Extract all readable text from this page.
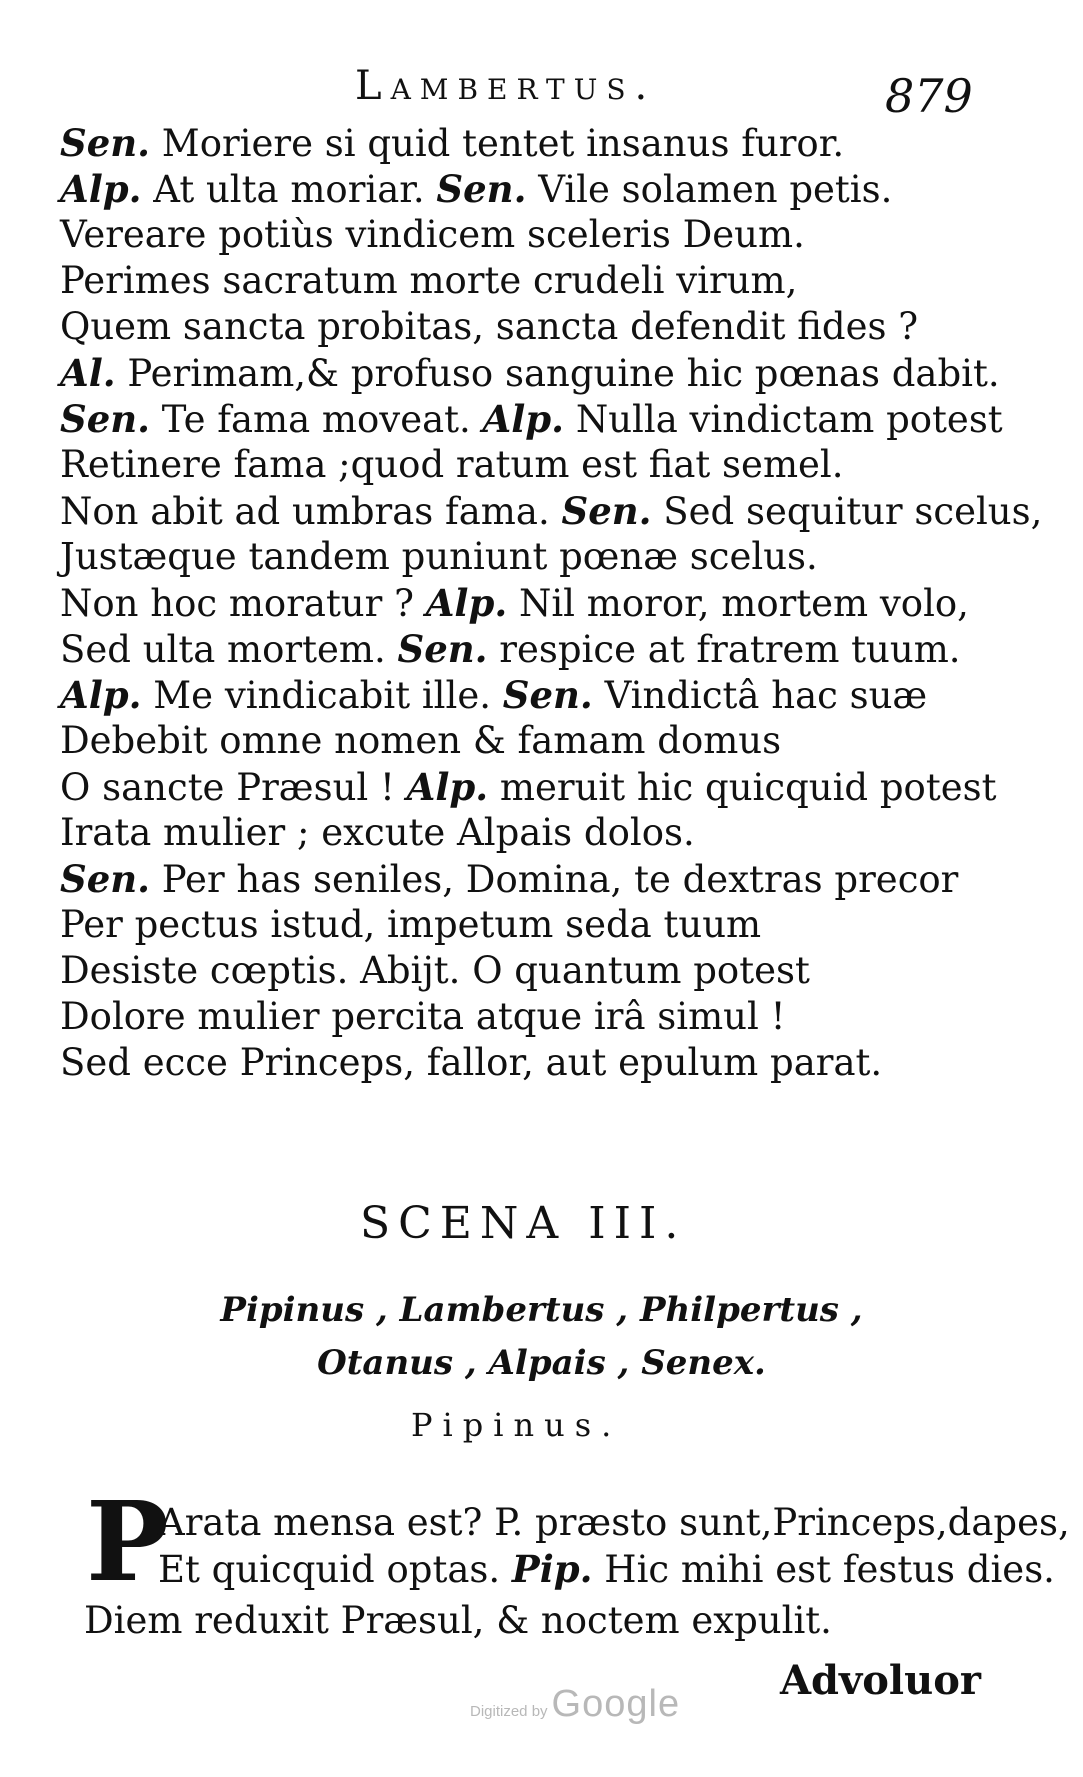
Lambertus.	879
Sen. Moriere si quid tentet insanus furor.
Alp. At ulta moriar. Sen. Vile solamen petis.
Vereare potiùs vindicem sceleris Deum.
Perimes sacratum morte crudeli virum,
Quem sancta probitas, sancta defendit fides ?
Al. Perimam,& profuso sanguine hic pœnas dabit.
Sen. Te fama moveat. Alp. Nulla vindictam potest
Retinere fama ;quod ratum est fiat semel.
Non abit ad umbras fama. Sen. Sed sequitur scelus,
Justæque tandem puniunt pœnæ scelus.
Non hoc moratur ? Alp. Nil moror, mortem volo,
Sed ulta mortem. Sen. respice at fratrem tuum.
Alp. Me vindicabit ille. Sen. Vindictâ hac suæ
Debebit omne nomen & famam domus
O sancte Præsul ! Alp. meruit hic quicquid potest
Irata mulier ; excute Alpais dolos.
Sen. Per has seniles, Domina, te dextras precor
Per pectus istud, impetum seda tuum
Desiste cœptis. Abijt. O quantum potest
Dolore mulier percita atque irâ simul !
Sed ecce Princeps, fallor, aut epulum parat.
SCENA III.
Pipinus , Lambertus , Philpertus ,
Otanus , Alpais , Senex.
Pipinus.
P
Arata mensa est? P. præsto sunt,Princeps,dapes,
Et quicquid optas. Pip. Hic mihi est festus dies.
Diem reduxit Præsul, & noctem expulit.
Advoluor
Digitized by Google
